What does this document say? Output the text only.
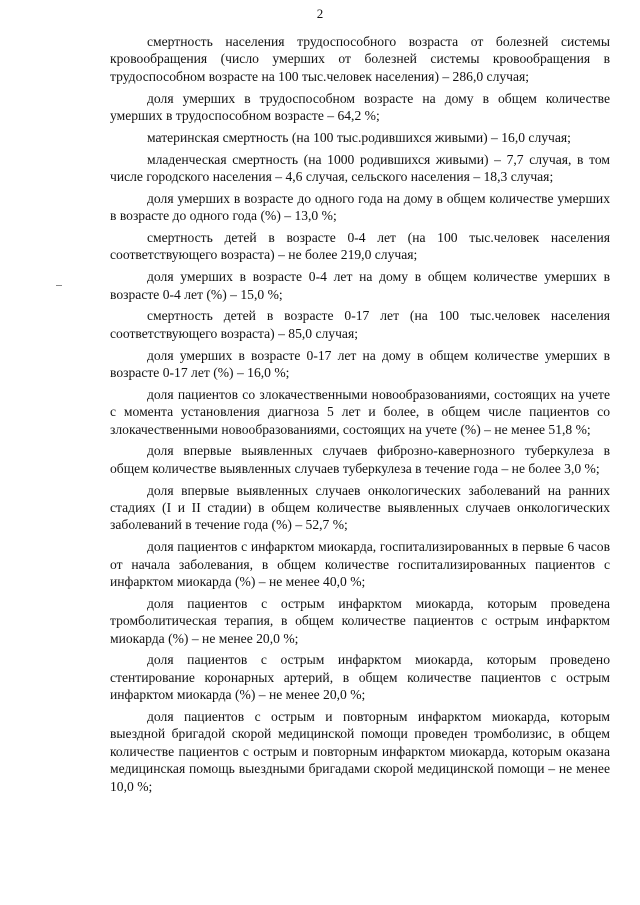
2

смертность населения трудоспособного возраста от болезней системы кровообращения (число умерших от болезней системы кровообращения в трудоспособном возрасте на 100 тыс.человек населения) – 286,0 случая;

доля умерших в трудоспособном возрасте на дому в общем количестве умерших в трудоспособном возрасте – 64,2 %;

материнская смертность (на 100 тыс.родившихся живыми) – 16,0 случая;

младенческая смертность (на 1000 родившихся живыми) – 7,7 случая, в том числе городского населения – 4,6 случая, сельского населения – 18,3 случая;

доля умерших в возрасте до одного года на дому в общем количестве умерших в возрасте до одного года (%) – 13,0 %;

смертность детей в возрасте 0-4 лет (на 100 тыс.человек населения соответствующего возраста) – не более 219,0 случая;

доля умерших в возрасте 0-4 лет на дому в общем количестве умерших в возрасте 0-4 лет (%) – 15,0 %;

смертность детей в возрасте 0-17 лет (на 100 тыс.человек населения соответствующего возраста) – 85,0 случая;

доля умерших в возрасте 0-17 лет на дому в общем количестве умерших в возрасте 0-17 лет (%) – 16,0 %;

доля пациентов со злокачественными новообразованиями, состоящих на учете с момента установления диагноза 5 лет и более, в общем числе пациентов со злокачественными новообразованиями, состоящих на учете (%) – не менее 51,8 %;

доля впервые выявленных случаев фиброзно-кавернозного туберкулеза в общем количестве выявленных случаев туберкулеза в течение года – не более 3,0 %;

доля впервые выявленных случаев онкологических заболеваний на ранних стадиях (I и II стадии) в общем количестве выявленных случаев онкологических заболеваний в течение года (%) – 52,7 %;

доля пациентов с инфарктом миокарда, госпитализированных в первые 6 часов от начала заболевания, в общем количестве госпитализированных пациентов с инфарктом миокарда (%) – не менее 40,0 %;

доля пациентов с острым инфарктом миокарда, которым проведена тромболитическая терапия, в общем количестве пациентов с острым инфарктом миокарда (%) – не менее 20,0 %;

доля пациентов с острым инфарктом миокарда, которым проведено стентирование коронарных артерий, в общем количестве пациентов с острым инфарктом миокарда (%) – не менее 20,0 %;

доля пациентов с острым и повторным инфарктом миокарда, которым выездной бригадой скорой медицинской помощи проведен тромболизис, в общем количестве пациентов с острым и повторным инфарктом миокарда, которым оказана медицинская помощь выездными бригадами скорой медицинской помощи – не менее 10,0 %;
